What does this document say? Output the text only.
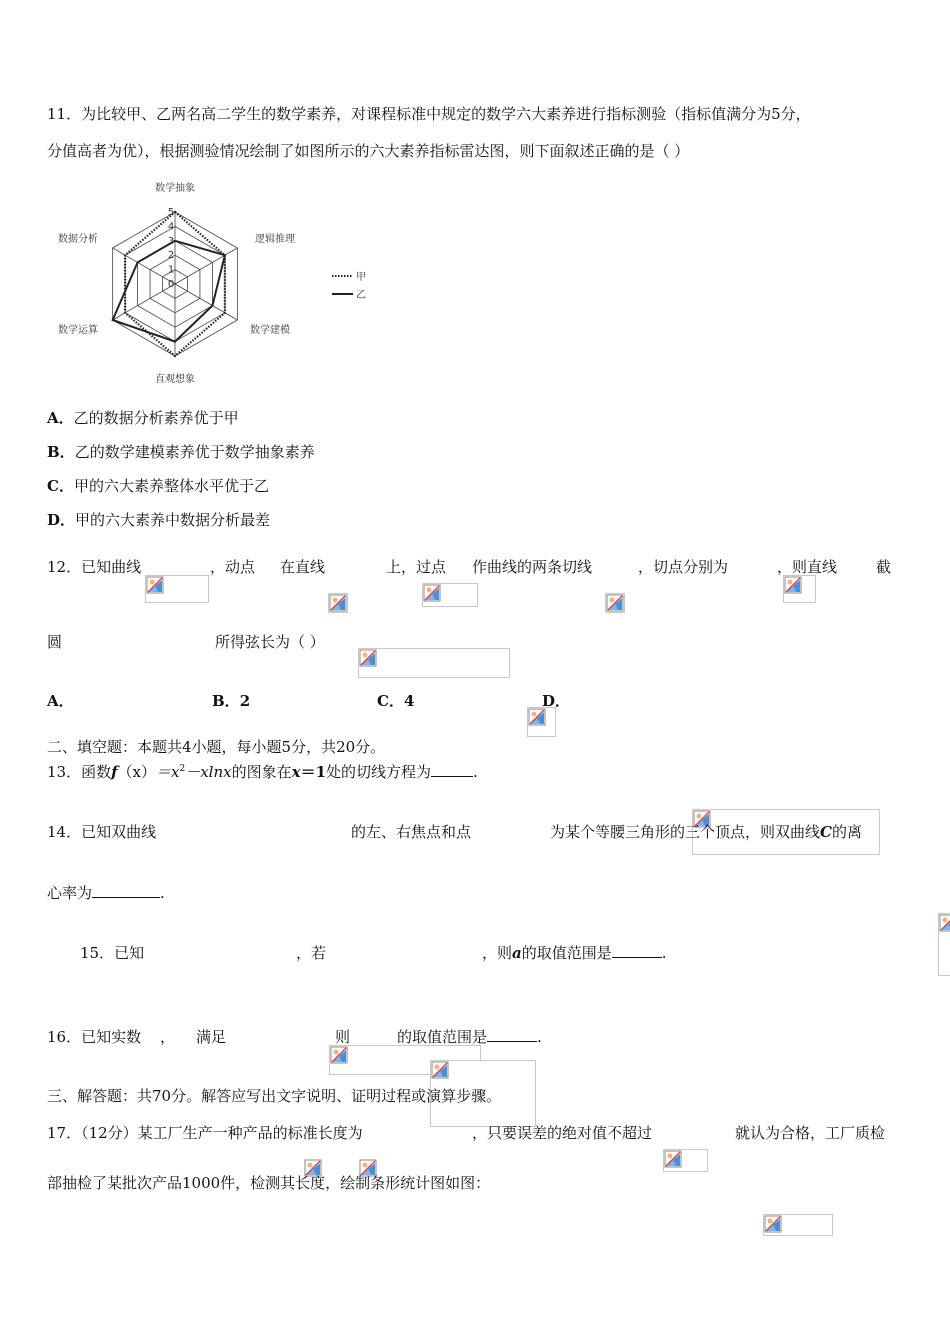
11．为比较甲、乙两名高二学生的数学素养，对课程标准中规定的数学六大素养进行指标测验（指标值满分为5分，
分值高者为优），根据测验情况绘制了如图所示的六大素养指标雷达图，则下面叙述正确的是（ ）
0
1
2
3
4
5
数学抽象
逻辑推理
数学建模
直观想象
数学运算
数据分析
甲
乙
A．乙的数据分析素养优于甲
B．乙的数学建模素养优于数学抽象素养
C．甲的六大素养整体水平优于乙
D．甲的六大素养中数据分析最差
12．已知曲线
	，动点
在直线
	上，过点
作曲线的两条切线
	，切点分别为
	，则直线
	截
圆
	所得弦长为（ ）
A．
	B．2	C．4	D．

二、填空题：本题共4小题，每小题5分，共20分。
13．函数$f(x)=x^2-xlnx$的图象在x＝1处的切线方程为	.
14．已知双曲线
	的左、右焦点和点
	为某个等腰三角形的三个顶点，则双曲线C的离
心率为	.
15．已知
	，若
	，则a的取值范围是	.
16．已知实数 ，

满足
	则
	的取值范围是	.
三、解答题：共70分。解答应写出文字说明、证明过程或演算步骤。
17．（12分）某工厂生产一种产品的标准长度为
	，只要误差的绝对值不超过	就认为合格，工厂质检
部抽检了某批次产品1000件，检测其长度，绘制条形统计图如图：
